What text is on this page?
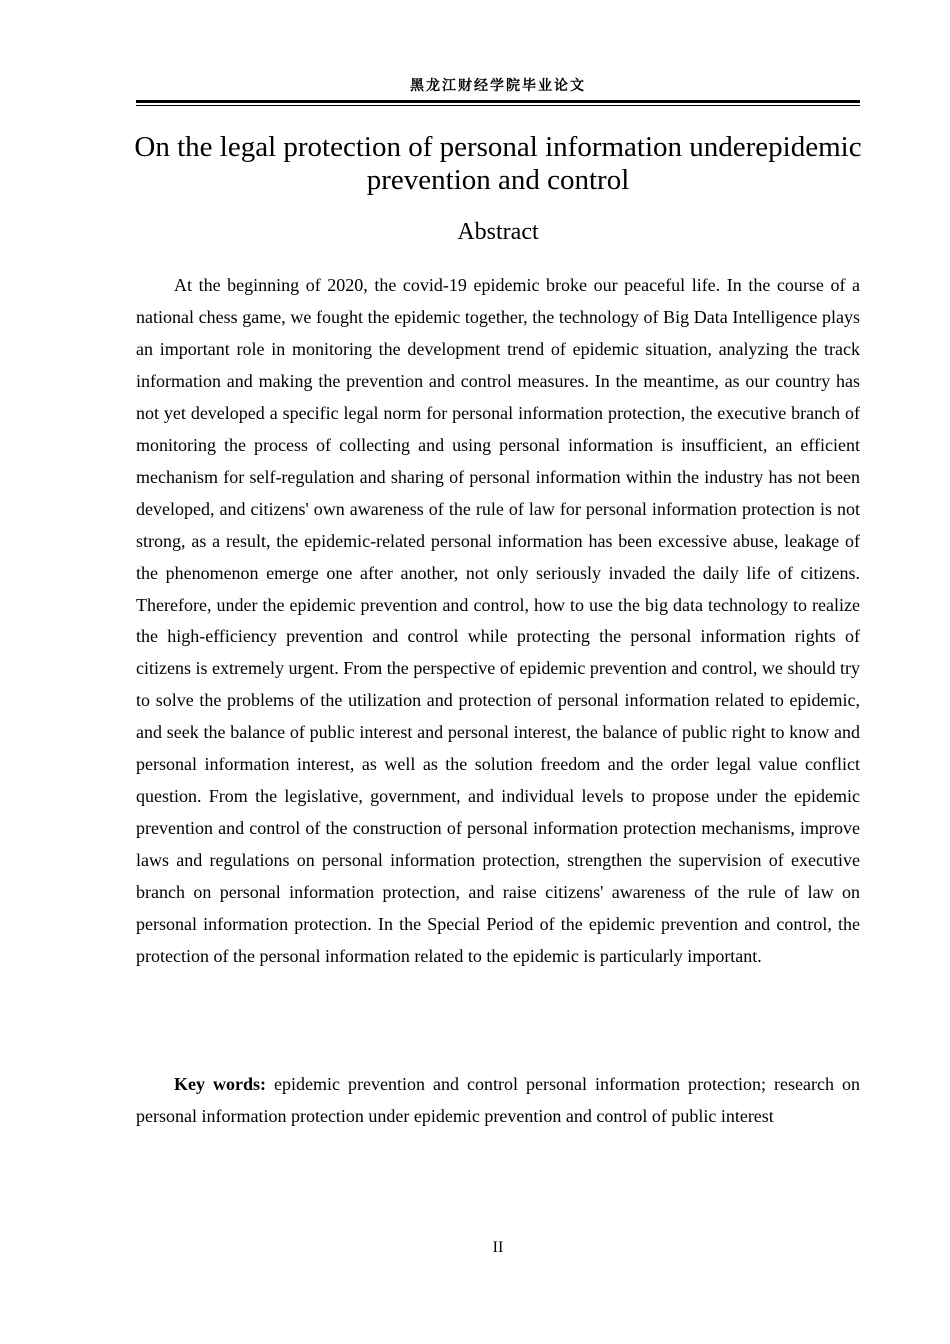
黑龙江财经学院毕业论文
On the legal protection of personal information underepidemic prevention and control
Abstract

At the beginning of 2020, the covid-19 epidemic broke our peaceful life. In the course of a national chess game, we fought the epidemic together, the technology of Big Data Intelligence plays an important role in monitoring the development trend of epidemic situation, analyzing the track information and making the prevention and control measures. In the meantime, as our country has not yet developed a specific legal norm for personal information protection, the executive branch of monitoring the process of collecting and using personal information is insufficient, an efficient mechanism for self-regulation and sharing of personal information within the industry has not been developed, and citizens' own awareness of the rule of law for personal information protection is not strong, as a result, the epidemic-related personal information has been excessive abuse, leakage of the phenomenon emerge one after another, not only seriously invaded the daily life of citizens. Therefore, under the epidemic prevention and control, how to use the big data technology to realize the high-efficiency prevention and control while protecting the personal information rights of citizens is extremely urgent. From the perspective of epidemic prevention and control, we should try to solve the problems of the utilization and protection of personal information related to epidemic, and seek the balance of public interest and personal interest, the balance of public right to know and personal information interest, as well as the solution freedom and the order legal value conflict question. From the legislative, government, and individual levels to propose under the epidemic prevention and control of the construction of personal information protection mechanisms, improve laws and regulations on personal information protection, strengthen the supervision of executive branch on personal information protection, and raise citizens' awareness of the rule of law on personal information protection. In the Special Period of the epidemic prevention and control, the protection of the personal information related to the epidemic is particularly important.

Key words: epidemic prevention and control personal information protection; research on personal information protection under epidemic prevention and control of public interest

II
